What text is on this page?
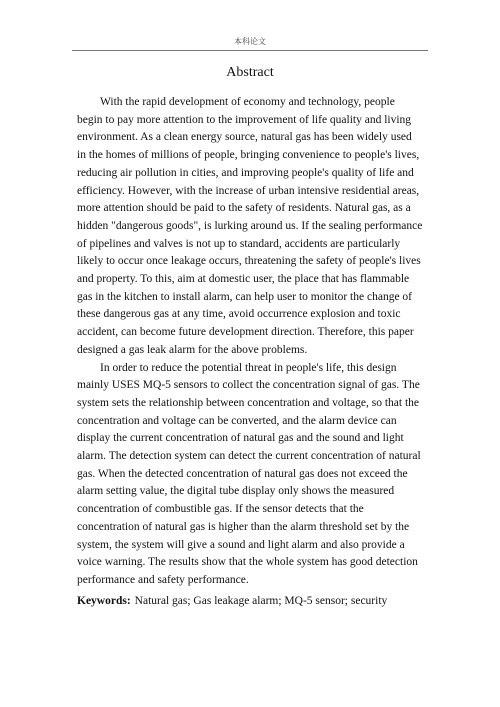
本科论文
Abstract

With the rapid development of economy and technology, people begin to pay more attention to the improvement of life quality and living environment. As a clean energy source, natural gas has been widely used in the homes of millions of people, bringing convenience to people's lives, reducing air pollution in cities, and improving people's quality of life and efficiency. However, with the increase of urban intensive residential areas, more attention should be paid to the safety of residents. Natural gas, as a hidden "dangerous goods", is lurking around us. If the sealing performance of pipelines and valves is not up to standard, accidents are particularly likely to occur once leakage occurs, threatening the safety of people's lives and property. To this, aim at domestic user, the place that has flammable gas in the kitchen to install alarm, can help user to monitor the change of these dangerous gas at any time, avoid occurrence explosion and toxic accident, can become future development direction. Therefore, this paper designed a gas leak alarm for the above problems.

In order to reduce the potential threat in people's life, this design mainly USES MQ-5 sensors to collect the concentration signal of gas. The system sets the relationship between concentration and voltage, so that the concentration and voltage can be converted, and the alarm device can display the current concentration of natural gas and the sound and light alarm. The detection system can detect the current concentration of natural gas. When the detected concentration of natural gas does not exceed the alarm setting value, the digital tube display only shows the measured concentration of combustible gas. If the sensor detects that the concentration of natural gas is higher than the alarm threshold set by the system, the system will give a sound and light alarm and also provide a voice warning. The results show that the whole system has good detection performance and safety performance.

Keywords: Natural gas; Gas leakage alarm; MQ-5 sensor; security
